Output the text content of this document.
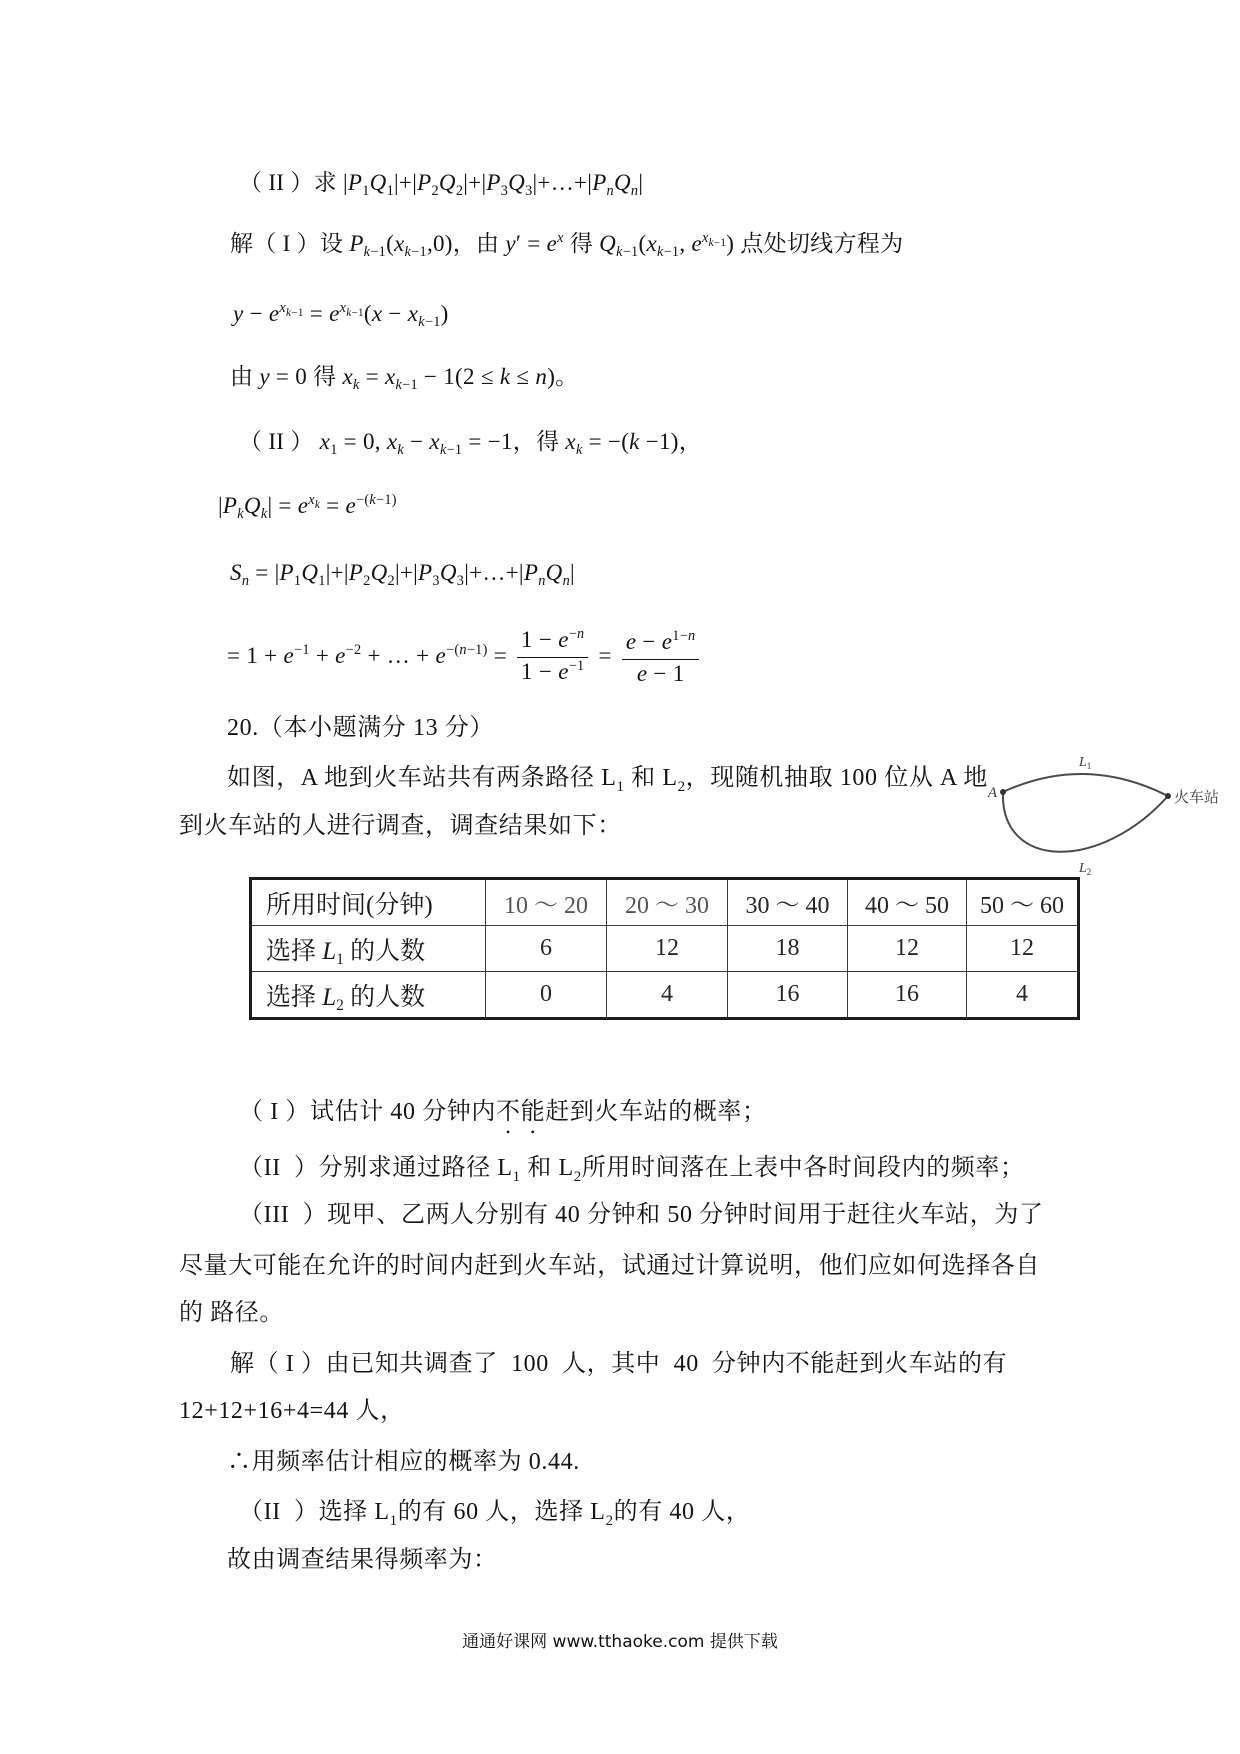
（ II ）求 $|P_1Q_1|+|P_2Q_2|+|P_3Q_3|+\dots+|P_nQ_n|$
解（ I ）设 $P_{k-1}(x_{k-1},0)$，由 $y' = e^x$ 得 $Q_{k-1}(x_{k-1}$, $e^{x_{k-1}}$) 点处切线方程为
$y - e^{x_{k-1}} = e^{x_{k-1}}(x - x_{k-1})$
由 y = 0 得 $x_k = x_{k-1} - 1(2 \le k \le n)$。
（ II ） $x_1 = 0$, $x_k - x_{k-1} = -1$，得 $x_k = -(k -1)$，
$|P_kQ_k| = e^{x_k} = e^{-(k-1)}$
$S_n$ = $|P_1Q_1|+|P_2Q_2|+|P_3Q_3|+\dots+|P_nQ_n|$
= $1 + e^{-1} + e^{-2}$ + … + $e^{-(n-1)} = \frac{1 - e^{-n}}{1 - e^{-1}} = \frac{e - e^{1-n}}{e - 1}$
20.（本小题满分 13 分）
如图，A 地到火车站共有两条路径 $L_1$ 和 $L_2$，现随机抽取 100 位从 A 地
到火车站的人进行调查，调查结果如下：
A	火车站
$L_1$
$L_2$
所用时间(分钟)	10 ～ 20	20 ～ 30	30 ～ 40	40 ～ 50	50 ～ 60
选择 $L_1$ 的人数	6	12	18	12	12
选择 $L_2$ 的人数	0	4	16	16	4
（ I ）试估计 40 分钟内不能赶到火车站的概率；
（II  ）分别求通过路径 $L_1$ 和 $L_2$所用时间落在上表中各时间段内的频率；
（III  ）现甲、乙两人分别有 40 分钟和 50 分钟时间用于赶往火车站，为了
尽量大可能在允许的时间内赶到火车站，试通过计算说明，他们应如何选择各自
的 路径。
解（ I ）由已知共调查了  100  人，其中  40  分钟内不能赶到火车站的有
12+12+16+4=44 人，
∴用频率估计相应的概率为 0.44.
（II  ）选择 $L_1$的有 60 人，选择 $L_2$的有 40 人，
故由调查结果得频率为：
通通好课网 www.tthaoke.com 提供下载
